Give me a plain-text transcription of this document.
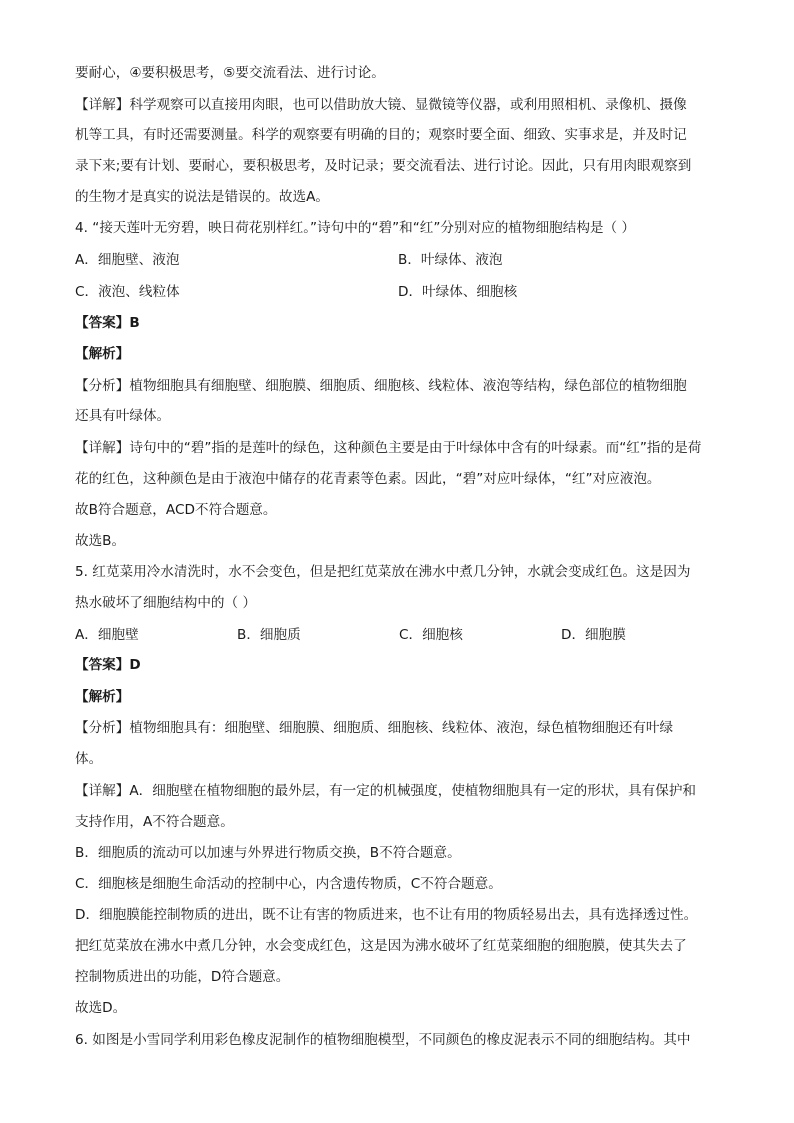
要耐心，④要积极思考，⑤要交流看法、进行讨论。
【详解】科学观察可以直接用肉眼，也可以借助放大镜、显微镜等仪器，或利用照相机、录像机、摄像
机等工具，有时还需要测量。科学的观察要有明确的目的；观察时要全面、细致、实事求是，并及时记
录下来;要有计划、要耐心，要积极思考，及时记录；要交流看法、进行讨论。因此，只有用肉眼观察到
的生物才是真实的说法是错误的。故选A。
4. “接天莲叶无穷碧，映日荷花别样红。”诗句中的“碧”和“红”分别对应的植物细胞结构是（ ）
A．细胞壁、液泡	B．叶绿体、液泡
C．液泡、线粒体	D．叶绿体、细胞核
【答案】B
【解析】
【分析】植物细胞具有细胞壁、细胞膜、细胞质、细胞核、线粒体、液泡等结构，绿色部位的植物细胞
还具有叶绿体。
【详解】诗句中的“碧”指的是莲叶的绿色，这种颜色主要是由于叶绿体中含有的叶绿素。而“红”指的是荷
花的红色，这种颜色是由于液泡中储存的花青素等色素。因此，“碧”对应叶绿体，“红”对应液泡。
故B符合题意，ACD不符合题意。
故选B。
5. 红苋菜用冷水清洗时，水不会变色，但是把红苋菜放在沸水中煮几分钟，水就会变成红色。这是因为
热水破坏了细胞结构中的（ ）
A．细胞壁	B．细胞质	C．细胞核	D．细胞膜
【答案】D
【解析】
【分析】植物细胞具有：细胞壁、细胞膜、细胞质、细胞核、线粒体、液泡，绿色植物细胞还有叶绿
体。
【详解】A．细胞壁在植物细胞的最外层，有一定的机械强度，使植物细胞具有一定的形状，具有保护和
支持作用，A不符合题意。
B．细胞质的流动可以加速与外界进行物质交换，B不符合题意。
C．细胞核是细胞生命活动的控制中心，内含遗传物质，C不符合题意。
D．细胞膜能控制物质的进出，既不让有害的物质进来，也不让有用的物质轻易出去，具有选择透过性。
把红苋菜放在沸水中煮几分钟，水会变成红色，这是因为沸水破坏了红苋菜细胞的细胞膜，使其失去了
控制物质进出的功能，D符合题意。
故选D。
6. 如图是小雪同学利用彩色橡皮泥制作的植物细胞模型，不同颜色的橡皮泥表示不同的细胞结构。其中
